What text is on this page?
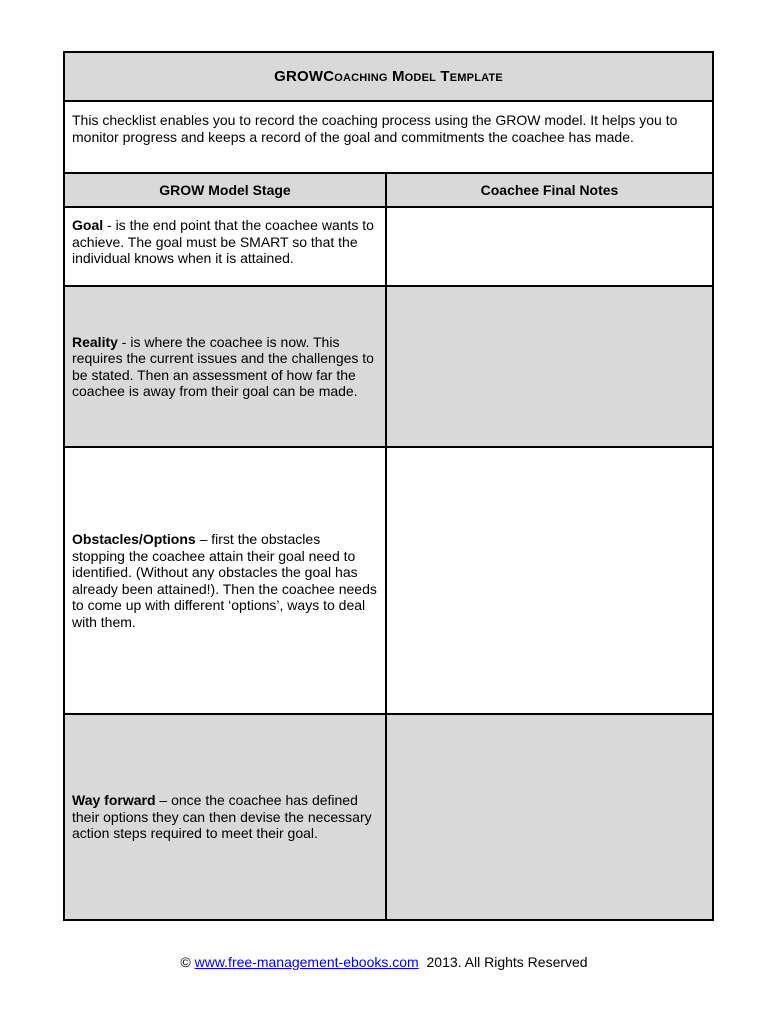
GROW Coaching Model Template
This checklist enables you to record the coaching process using the GROW model. It helps you to monitor progress and keeps a record of the goal and commitments the coachee has made.
GROW Model Stage	Coachee Final Notes
Goal - is the end point that the coachee wants to achieve. The goal must be SMART so that the individual knows when it is attained.
Reality - is where the coachee is now. This requires the current issues and the challenges to be stated. Then an assessment of how far the coachee is away from their goal can be made.
Obstacles/Options – first the obstacles stopping the coachee attain their goal need to identified. (Without any obstacles the goal has already been attained!). Then the coachee needs to come up with different ‘options’, ways to deal with them.
Way forward – once the coachee has defined their options they can then devise the necessary action steps required to meet their goal.
© www.free-management-ebooks.com  2013. All Rights Reserved
